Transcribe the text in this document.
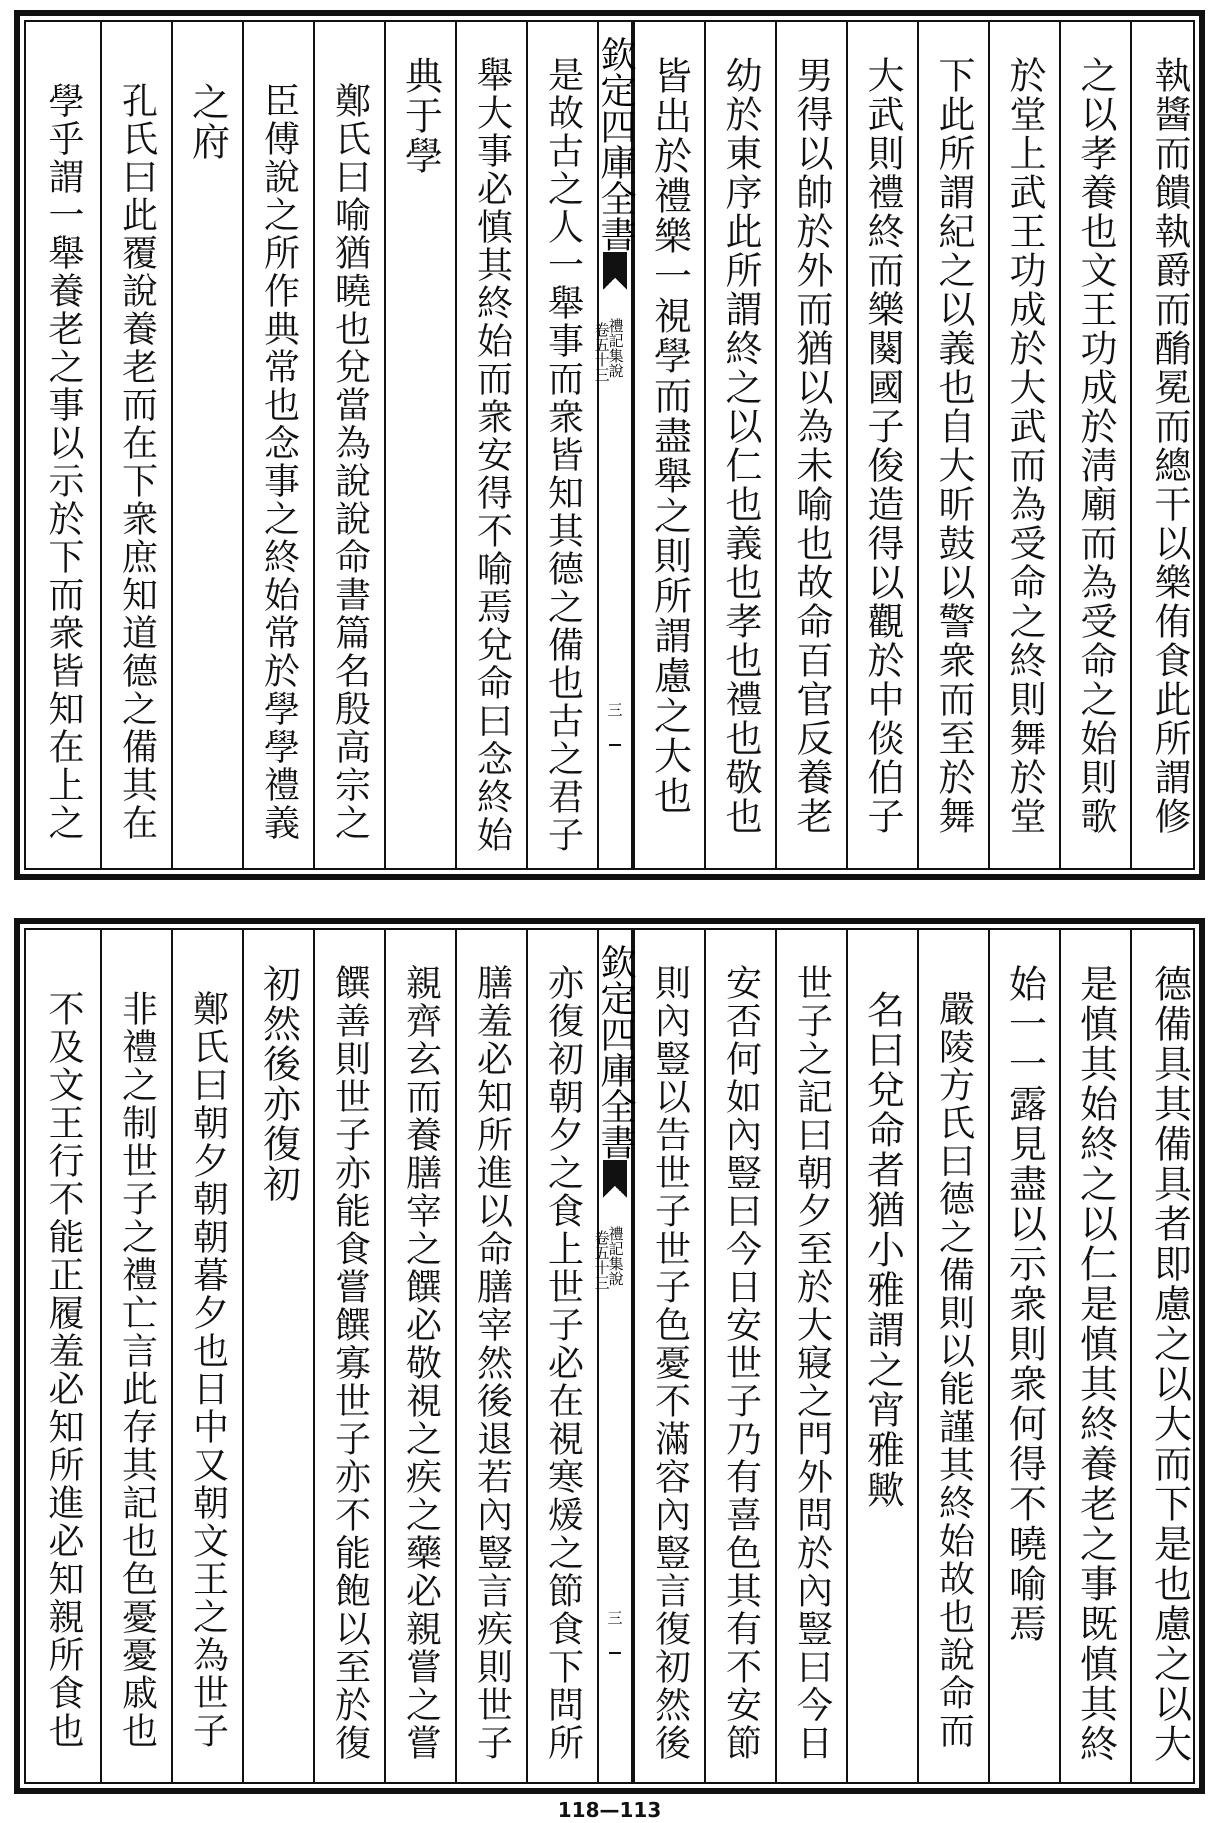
執醬而饋執爵而酳冕而總干以樂侑食此所謂修
之以孝養也文王功成於淸廟而為受命之始則歌
於堂上武王功成於大武而為受命之終則舞於堂
下此所謂紀之以義也自大昕鼓以警衆而至於舞
大武則禮終而樂闋國子俊造得以觀於中倓伯子
男得以帥於外而猶以為未喻也故命百官反養老
幼於東序此所謂終之以仁也義也孝也禮也敬也
皆出於禮樂一視學而盡舉之則所謂慮之大也
欽定四庫全書
禮記集說
卷五十三
三
是故古之人一舉事而衆皆知其德之備也古之君子
舉大事必慎其終始而衆安得不喻焉兌命曰念終始
典于學
鄭氏曰喻猶曉也兌當為說說命書篇名殷高宗之
臣傅說之所作典常也念事之終始常於學學禮義
之府
孔氏曰此覆說養老而在下衆庶知道德之備其在
學乎謂一舉養老之事以示於下而衆皆知在上之
德備具其備具者即慮之以大而下是也慮之以大
是慎其始終之以仁是慎其終養老之事既慎其終
始一一露見盡以示衆則衆何得不曉喻焉
嚴陵方氏曰德之備則以能謹其終始故也說命而
名曰兌命者猶小雅謂之宵雅歟
世子之記曰朝夕至於大寢之門外問於內豎曰今日
安否何如內豎曰今日安世子乃有喜色其有不安節
則內豎以告世子世子色憂不滿容內豎言復初然後
欽定四庫全書
禮記集說
卷五十三
三
亦復初朝夕之食上世子必在視寒煖之節食下問所
膳羞必知所進以命膳宰然後退若內豎言疾則世子
親齊玄而養膳宰之饌必敬視之疾之藥必親嘗之嘗
饌善則世子亦能食嘗饌寡世子亦不能飽以至於復
初然後亦復初
鄭氏曰朝夕朝朝暮夕也日中又朝文王之為世子
非禮之制世子之禮亡言此存其記也色憂憂戚也
不及文王行不能正履羞必知所進必知親所食也
118—113
